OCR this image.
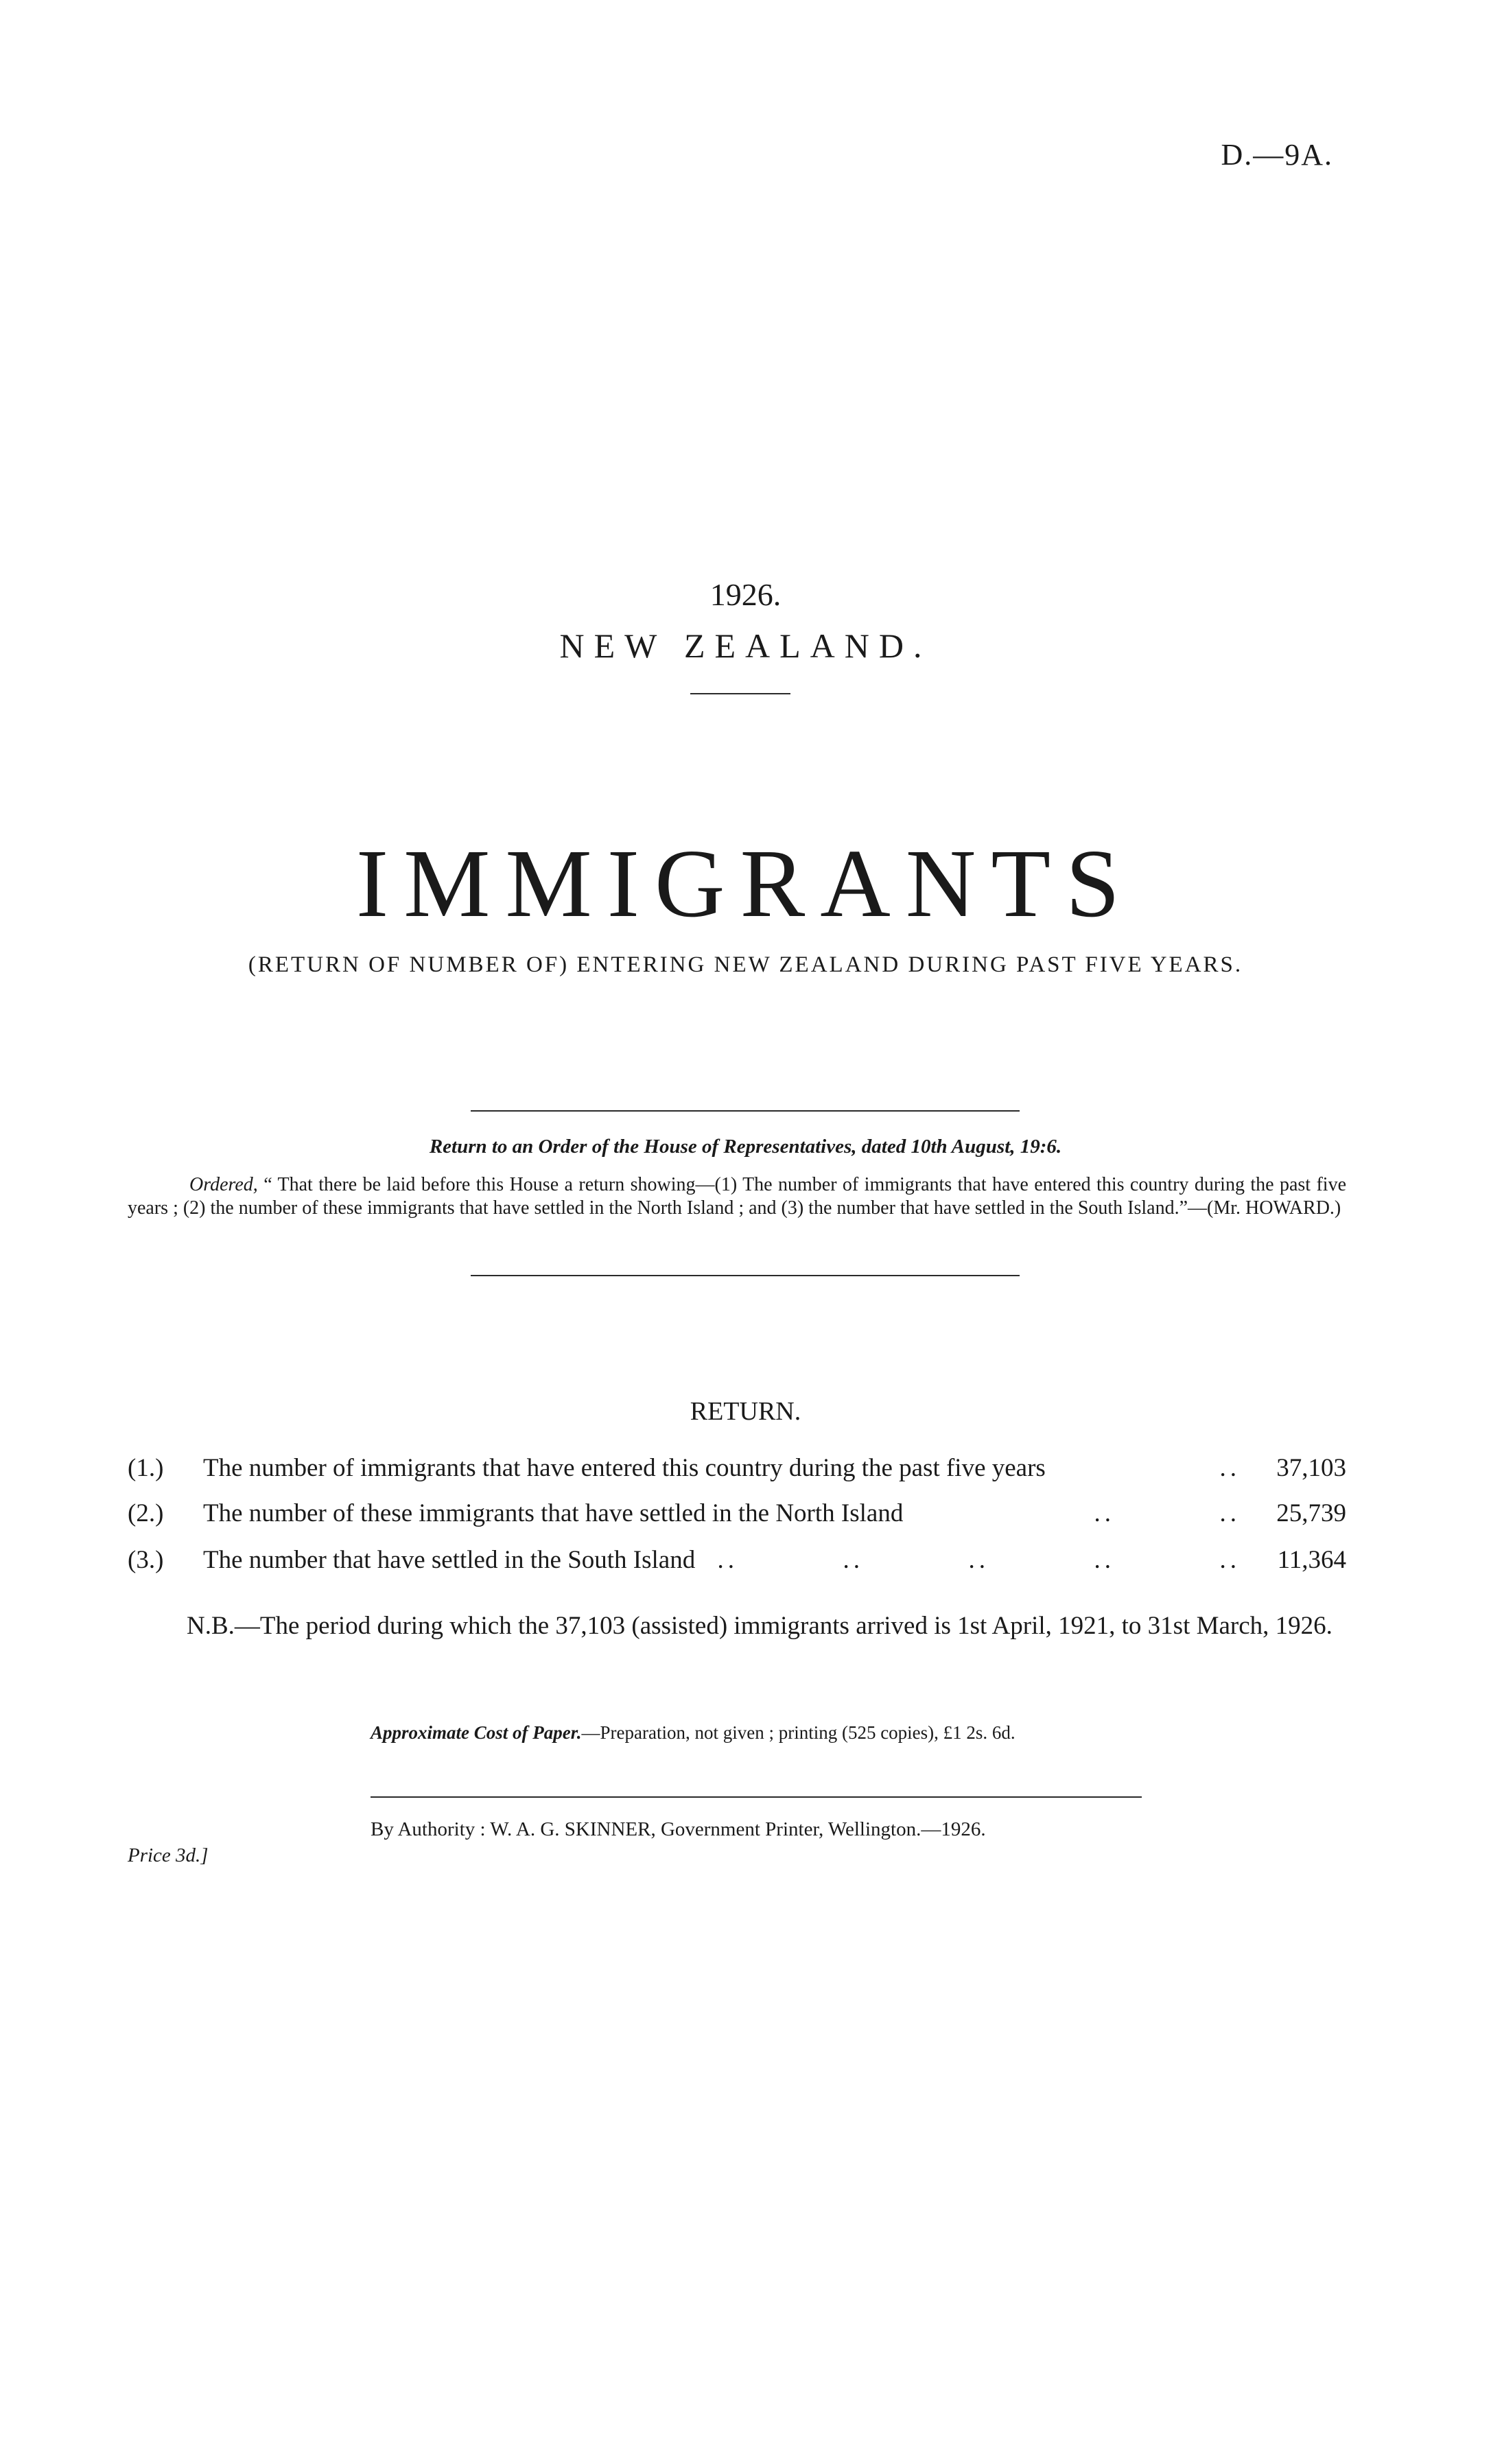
D.—9A.
1926.
NEW ZEALAND.
IMMIGRANTS
(RETURN OF NUMBER OF) ENTERING NEW ZEALAND DURING PAST FIVE YEARS.
Return to an Order of the House of Representatives, dated 10th August, 19:6.
Ordered, “ That there be laid before this House a return showing—(1) The number of immigrants that have entered this country during the past five years ; (2) the number of these immigrants that have settled in the North Island ; and (3) the number that have settled in the South Island.”—(Mr. HOWARD.)
RETURN.
(1.)	The number of immigrants that have entered this country during the past five years	..	37,103
(2.)	The number of these immigrants that have settled in the North Island	..          ..	25,739
(3.)	The number that have settled in the South Island ..          ..          ..          ..          ..	11,364
N.B.—The period during which the 37,103 (assisted) immigrants arrived is 1st April, 1921, to 31st March, 1926.
Approximate Cost of Paper.—Preparation, not given ; printing (525 copies), £1 2s. 6d.
By Authority : W. A. G. SKINNER, Government Printer, Wellington.—1926.
Price 3d.]
